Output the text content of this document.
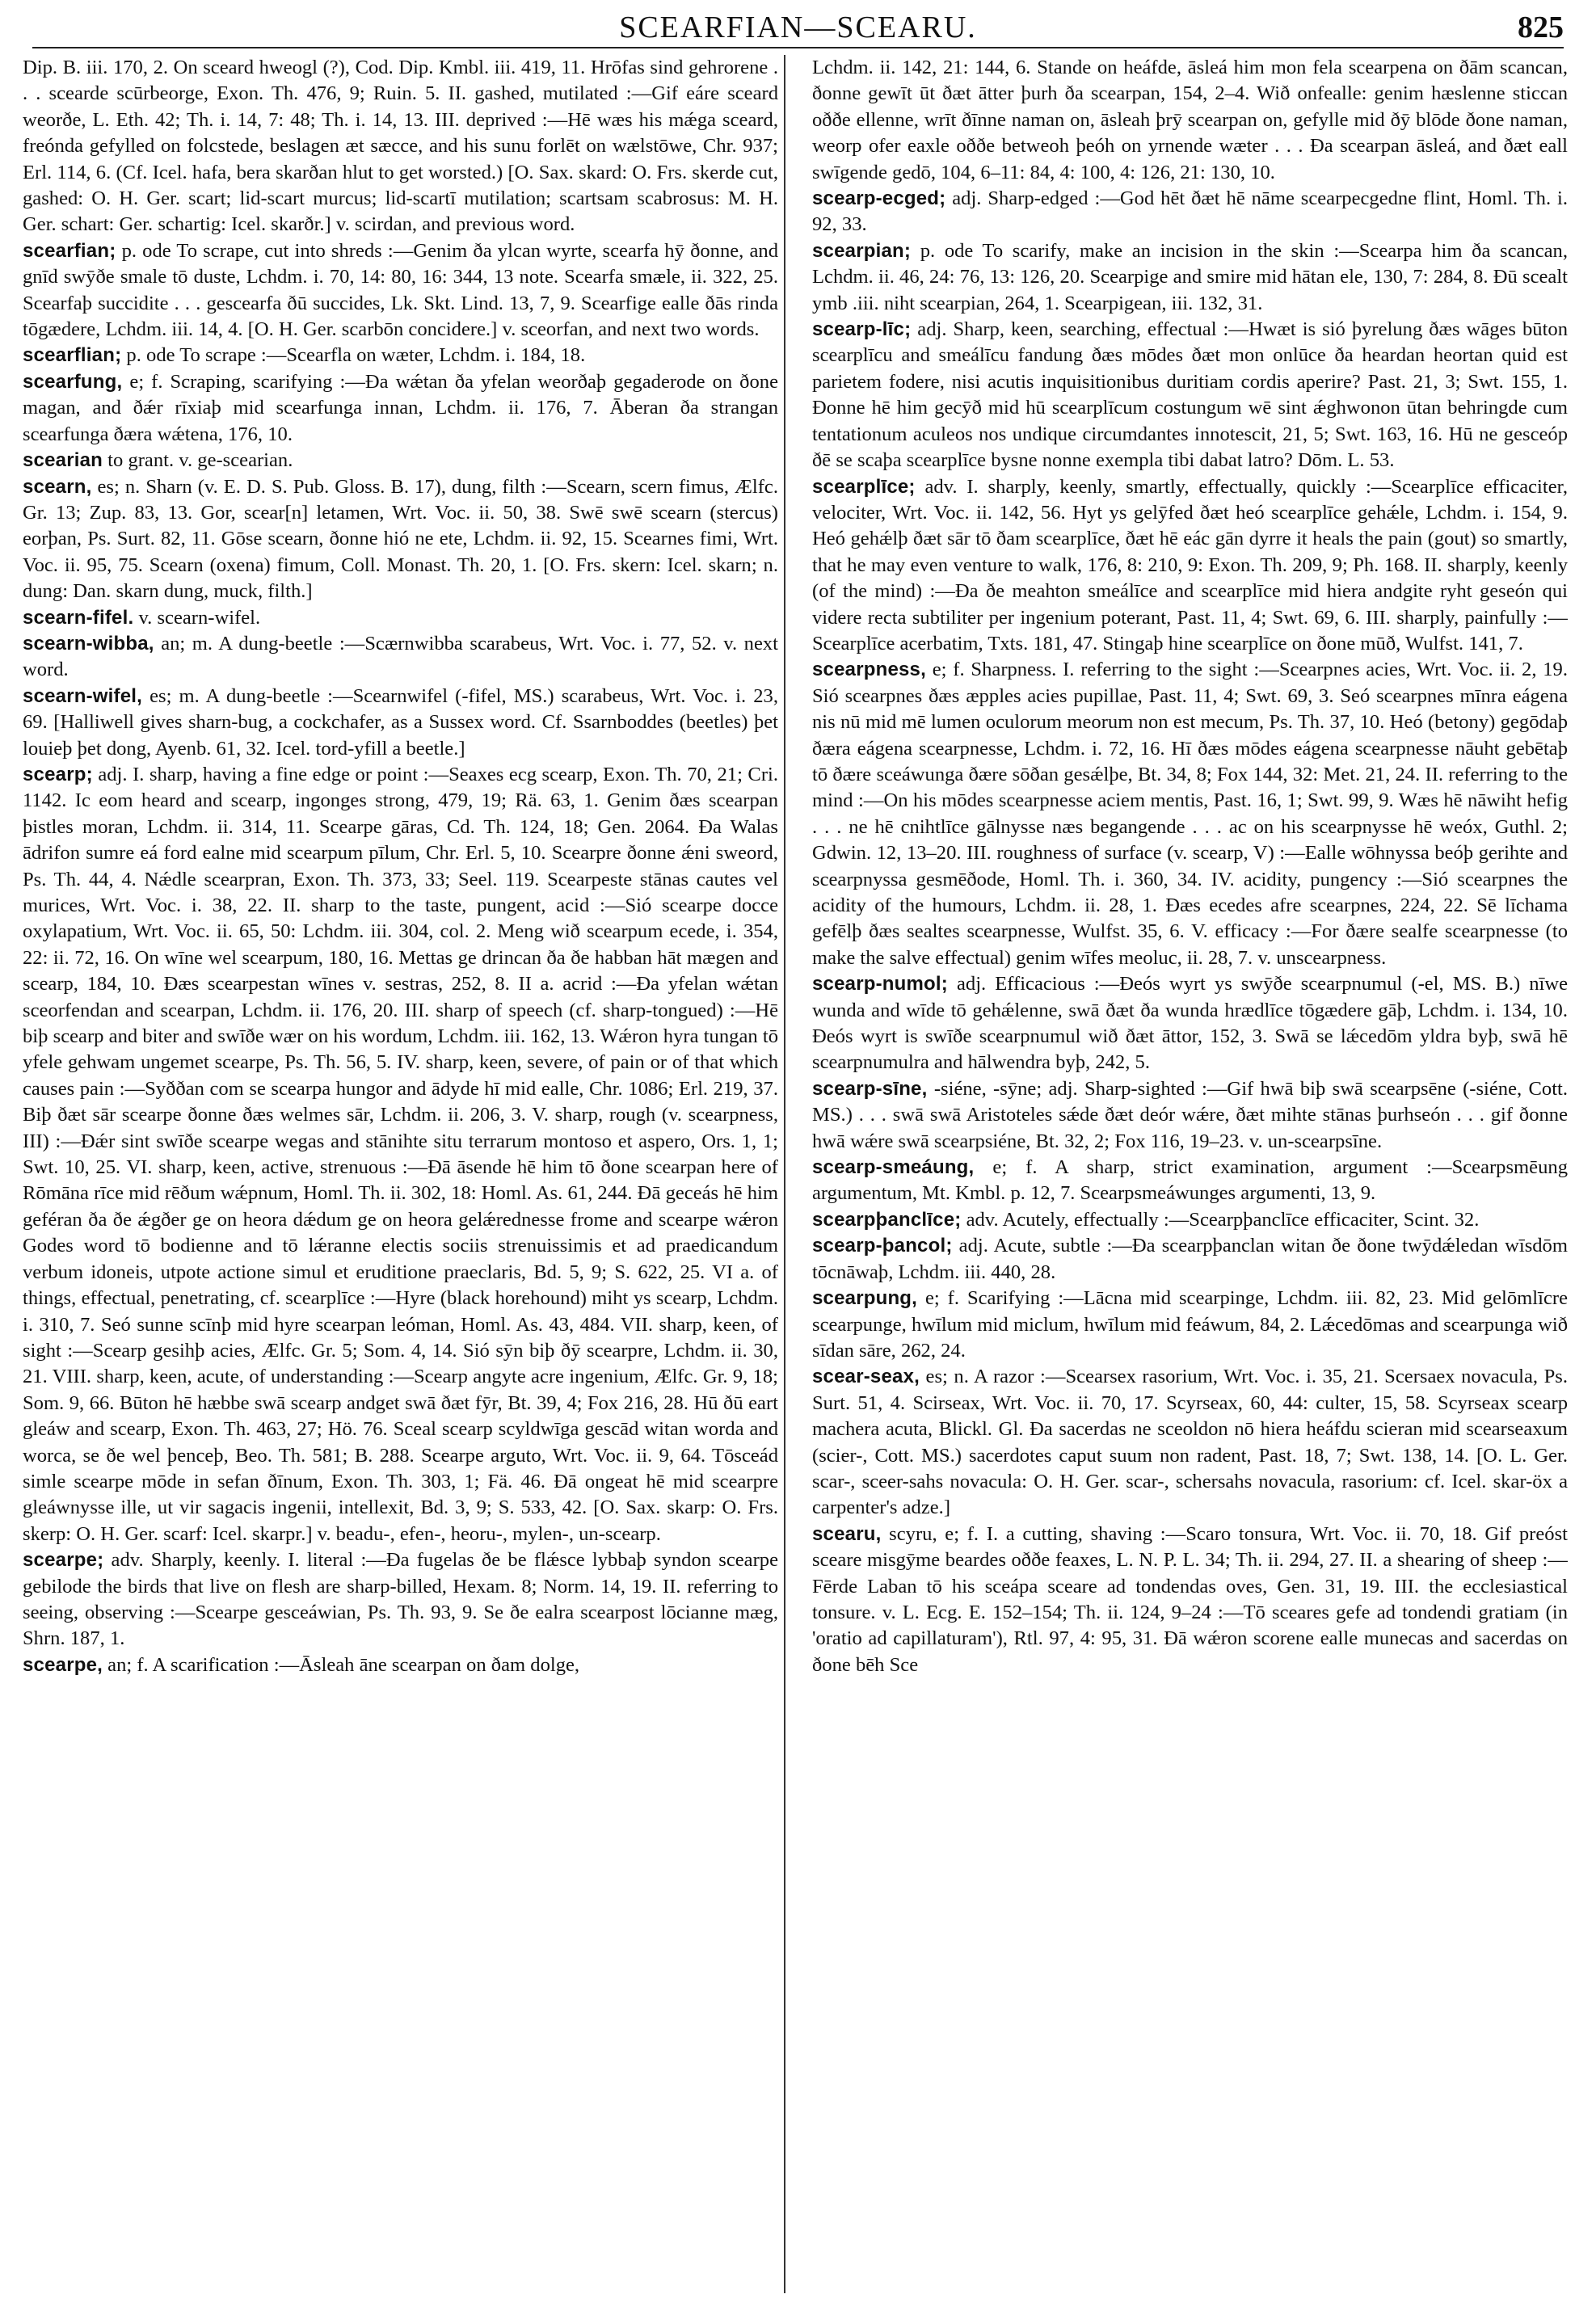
SCEARFIAN—SCEARU.	825

Dip. B. iii. 170, 2. On sceard hweogl (?), Cod. Dip. Kmbl. iii. 419, 11. Hrōfas sind gehrorene . . . scearde scūrbeorge, Exon. Th. 476, 9; Ruin. 5. II. gashed, mutilated :—Gif eáre sceard weorðe, L. Eth. 42; Th. i. 14, 7: 48; Th. i. 14, 13. III. deprived :—Hē wæs his mǽga sceard, freónda gefylled on folcstede, beslagen æt sæcce, and his sunu forlēt on wælstōwe, Chr. 937; Erl. 114, 6. (Cf. Icel. hafa, bera skarðan hlut to get worsted.) [O. Sax. skard: O. Frs. skerde cut, gashed: O. H. Ger. scart; lid-scart murcus; lid-scartī mutilation; scartsam scabrosus: M. H. Ger. schart: Ger. schartig: Icel. skarðr.] v. scirdan, and previous word.

scearfian; p. ode To scrape, cut into shreds :—Genim ða ylcan wyrte, scearfa hȳ ðonne, and gnīd swȳðe smale tō duste, Lchdm. i. 70, 14: 80, 16: 344, 13 note. Scearfa smæle, ii. 322, 25. Scearfaþ succidite . . . gescearfa ðū succides, Lk. Skt. Lind. 13, 7, 9. Scearfige ealle ðās rinda tōgædere, Lchdm. iii. 14, 4. [O. H. Ger. scarbōn concidere.] v. sceorfan, and next two words.

scearflian; p. ode To scrape :—Scearfla on wæter, Lchdm. i. 184, 18.

scearfung, e; f. Scraping, scarifying :—Ða wǽtan ða yfelan weorðaþ gegaderode on ðone magan, and ðǽr rīxiaþ mid scearfunga innan, Lchdm. ii. 176, 7. Āberan ða strangan scearfunga ðæra wǽtena, 176, 10.

scearian to grant. v. ge-scearian.

scearn, es; n. Sharn (v. E. D. S. Pub. Gloss. B. 17), dung, filth :—Scearn, scern fimus, Ælfc. Gr. 13; Zup. 83, 13. Gor, scear[n] letamen, Wrt. Voc. ii. 50, 38. Swē swē scearn (stercus) eorþan, Ps. Surt. 82, 11. Gōse scearn, ðonne hió ne ete, Lchdm. ii. 92, 15. Scearnes fimi, Wrt. Voc. ii. 95, 75. Scearn (oxena) fimum, Coll. Monast. Th. 20, 1. [O. Frs. skern: Icel. skarn; n. dung: Dan. skarn dung, muck, filth.]

scearn-fifel. v. scearn-wifel.

scearn-wibba, an; m. A dung-beetle :—Scærnwibba scarabeus, Wrt. Voc. i. 77, 52. v. next word.

scearn-wifel, es; m. A dung-beetle :—Scearnwifel (-fifel, MS.) scarabeus, Wrt. Voc. i. 23, 69. [Halliwell gives sharn-bug, a cockchafer, as a Sussex word. Cf. Ssarnboddes (beetles) þet louieþ þet dong, Ayenb. 61, 32. Icel. tord-yfill a beetle.]

scearp; adj. I. sharp, having a fine edge or point :—Seaxes ecg scearp, Exon. Th. 70, 21; Cri. 1142. Ic eom heard and scearp, ingonges strong, 479, 19; Rä. 63, 1. Genim ðæs scearpan þistles moran, Lchdm. ii. 314, 11. Scearpe gāras, Cd. Th. 124, 18; Gen. 2064. Ða Walas ādrifon sumre eá ford ealne mid scearpum pīlum, Chr. Erl. 5, 10. Scearpre ðonne ǽni sweord, Ps. Th. 44, 4. Nǽdle scearpran, Exon. Th. 373, 33; Seel. 119. Scearpeste stānas cautes vel murices, Wrt. Voc. i. 38, 22. II. sharp to the taste, pungent, acid :—Sió scearpe docce oxylapatium, Wrt. Voc. ii. 65, 50: Lchdm. iii. 304, col. 2. Meng wið scearpum ecede, i. 354, 22: ii. 72, 16. On wīne wel scearpum, 180, 16. Mettas ge drincan ða ðe habban hāt mægen and scearp, 184, 10. Ðæs scearpestan wīnes v. sestras, 252, 8. II a. acrid :—Ða yfelan wǽtan sceorfendan and scearpan, Lchdm. ii. 176, 20. III. sharp of speech (cf. sharp-tongued) :—Hē biþ scearp and biter and swīðe wær on his wordum, Lchdm. iii. 162, 13. Wǽron hyra tungan tō yfele gehwam ungemet scearpe, Ps. Th. 56, 5. IV. sharp, keen, severe, of pain or of that which causes pain :—Syððan com se scearpa hungor and ādyde hī mid ealle, Chr. 1086; Erl. 219, 37. Biþ ðæt sār scearpe ðonne ðæs welmes sār, Lchdm. ii. 206, 3. V. sharp, rough (v. scearpness, III) :—Ðǽr sint swīðe scearpe wegas and stānihte situ terrarum montoso et aspero, Ors. 1, 1; Swt. 10, 25. VI. sharp, keen, active, strenuous :—Ðā āsende hē him tō ðone scearpan here of Rōmāna rīce mid rēðum wǽpnum, Homl. Th. ii. 302, 18: Homl. As. 61, 244. Ðā geceás hē him geféran ða ðe ǽgðer ge on heora dǽdum ge on heora gelǽrednesse frome and scearpe wǽron Godes word tō bodienne and tō lǽranne electis sociis strenuissimis et ad praedicandum verbum idoneis, utpote actione simul et eruditione praeclaris, Bd. 5, 9; S. 622, 25. VI a. of things, effectual, penetrating, cf. scearplīce :—Hyre (black horehound) miht ys scearp, Lchdm. i. 310, 7. Seó sunne scīnþ mid hyre scearpan leóman, Homl. As. 43, 484. VII. sharp, keen, of sight :—Scearp gesihþ acies, Ælfc. Gr. 5; Som. 4, 14. Sió sȳn biþ ðȳ scearpre, Lchdm. ii. 30, 21. VIII. sharp, keen, acute, of understanding :—Scearp angyte acre ingenium, Ælfc. Gr. 9, 18; Som. 9, 66. Būton hē hæbbe swā scearp andget swā ðæt fȳr, Bt. 39, 4; Fox 216, 28. Hū ðū eart gleáw and scearp, Exon. Th. 463, 27; Hö. 76. Sceal scearp scyldwīga gescād witan worda and worca, se ðe wel þenceþ, Beo. Th. 581; B. 288. Scearpe arguto, Wrt. Voc. ii. 9, 64. Tōsceád simle scearpe mōde in sefan ðīnum, Exon. Th. 303, 1; Fä. 46. Ðā ongeat hē mid scearpre gleáwnysse ille, ut vir sagacis ingenii, intellexit, Bd. 3, 9; S. 533, 42. [O. Sax. skarp: O. Frs. skerp: O. H. Ger. scarf: Icel. skarpr.] v. beadu-, efen-, heoru-, mylen-, un-scearp.

scearpe; adv. Sharply, keenly. I. literal :—Ða fugelas ðe be flǽsce lybbaþ syndon scearpe gebilode the birds that live on flesh are sharp-billed, Hexam. 8; Norm. 14, 19. II. referring to seeing, observing :—Scearpe gesceáwian, Ps. Th. 93, 9. Se ðe ealra scearpost lōcianne mæg, Shrn. 187, 1.

scearpe, an; f. A scarification :—Āsleah āne scearpan on ðam dolge,

Lchdm. ii. 142, 21: 144, 6. Stande on heáfde, āsleá him mon fela scearpena on ðām scancan, ðonne gewīt ūt ðæt ātter þurh ða scearpan, 154, 2–4. Wið onfealle: genim hæslenne sticcan oððe ellenne, wrīt ðīnne naman on, āsleah þrȳ scearpan on, gefylle mid ðȳ blōde ðone naman, weorp ofer eaxle oððe betweoh þeóh on yrnende wæter . . . Ða scearpan āsleá, and ðæt eall swīgende gedō, 104, 6–11: 84, 4: 100, 4: 126, 21: 130, 10.

scearp-ecged; adj. Sharp-edged :—God hēt ðæt hē nāme scearpecgedne flint, Homl. Th. i. 92, 33.

scearpian; p. ode To scarify, make an incision in the skin :—Scearpa him ða scancan, Lchdm. ii. 46, 24: 76, 13: 126, 20. Scearpige and smire mid hātan ele, 130, 7: 284, 8. Ðū scealt ymb .iii. niht scearpian, 264, 1. Scearpigean, iii. 132, 31.

scearp-līc; adj. Sharp, keen, searching, effectual :—Hwæt is sió þyrelung ðæs wāges būton scearplīcu and smeálīcu fandung ðæs mōdes ðæt mon onlūce ða heardan heortan quid est parietem fodere, nisi acutis inquisitionibus duritiam cordis aperire? Past. 21, 3; Swt. 155, 1. Ðonne hē him gecȳð mid hū scearplīcum costungum wē sint ǽghwonon ūtan behringde cum tentationum aculeos nos undique circumdantes innotescit, 21, 5; Swt. 163, 16. Hū ne gesceóp ðē se scaþa scearplīce bysne nonne exempla tibi dabat latro? Dōm. L. 53.

scearplīce; adv. I. sharply, keenly, smartly, effectually, quickly :—Scearplīce efficaciter, velociter, Wrt. Voc. ii. 142, 56. Hyt ys gelȳfed ðæt heó scearplīce gehǽle, Lchdm. i. 154, 9. Heó gehǽlþ ðæt sār tō ðam scearplīce, ðæt hē eác gān dyrre it heals the pain (gout) so smartly, that he may even venture to walk, 176, 8: 210, 9: Exon. Th. 209, 9; Ph. 168. II. sharply, keenly (of the mind) :—Ða ðe meahton smeálīce and scearplīce mid hiera andgite ryht geseón qui videre recta subtiliter per ingenium poterant, Past. 11, 4; Swt. 69, 6. III. sharply, painfully :—Scearplīce acerbatim, Txts. 181, 47. Stingaþ hine scearplīce on ðone mūð, Wulfst. 141, 7.

scearpness, e; f. Sharpness. I. referring to the sight :—Scearpnes acies, Wrt. Voc. ii. 2, 19. Sió scearpnes ðæs æpples acies pupillae, Past. 11, 4; Swt. 69, 3. Seó scearpnes mīnra eágena nis nū mid mē lumen oculorum meorum non est mecum, Ps. Th. 37, 10. Heó (betony) gegōdaþ ðæra eágena scearpnesse, Lchdm. i. 72, 16. Hī ðæs mōdes eágena scearpnesse nāuht gebētaþ tō ðære sceáwunga ðære sōðan gesǽlþe, Bt. 34, 8; Fox 144, 32: Met. 21, 24. II. referring to the mind :—On his mōdes scearpnesse aciem mentis, Past. 16, 1; Swt. 99, 9. Wæs hē nāwiht hefig . . . ne hē cnihtlīce gālnysse næs begangende . . . ac on his scearpnysse hē weóx, Guthl. 2; Gdwin. 12, 13–20. III. roughness of surface (v. scearp, V) :—Ealle wōhnyssa beóþ gerihte and scearpnyssa gesmēðode, Homl. Th. i. 360, 34. IV. acidity, pungency :—Sió scearpnes the acidity of the humours, Lchdm. ii. 28, 1. Ðæs ecedes afre scearpnes, 224, 22. Sē līchama gefēlþ ðæs sealtes scearpnesse, Wulfst. 35, 6. V. efficacy :—For ðære sealfe scearpnesse (to make the salve effectual) genim wīfes meoluc, ii. 28, 7. v. unscearpness.

scearp-numol; adj. Efficacious :—Ðeós wyrt ys swȳðe scearpnumul (-el, MS. B.) nīwe wunda and wīde tō gehǽlenne, swā ðæt ða wunda hrædlīce tōgædere gāþ, Lchdm. i. 134, 10. Ðeós wyrt is swīðe scearpnumul wið ðæt āttor, 152, 3. Swā se lǽcedōm yldra byþ, swā hē scearpnumulra and hālwendra byþ, 242, 5.

scearp-sīne, -siéne, -sȳne; adj. Sharp-sighted :—Gif hwā biþ swā scearpsēne (-siéne, Cott. MS.) . . . swā swā Aristoteles sǽde ðæt deór wǽre, ðæt mihte stānas þurhseón . . . gif ðonne hwā wǽre swā scearpsiéne, Bt. 32, 2; Fox 116, 19–23. v. un-scearpsīne.

scearp-smeáung, e; f. A sharp, strict examination, argument :—Scearpsmēung argumentum, Mt. Kmbl. p. 12, 7. Scearpsmeáwunges argumenti, 13, 9.

scearpþanclīce; adv. Acutely, effectually :—Scearpþanclīce efficaciter, Scint. 32.

scearp-þancol; adj. Acute, subtle :—Ða scearpþanclan witan ðe ðone twȳdǽledan wīsdōm tōcnāwaþ, Lchdm. iii. 440, 28.

scearpung, e; f. Scarifying :—Lācna mid scearpinge, Lchdm. iii. 82, 23. Mid gelōmlīcre scearpunge, hwīlum mid miclum, hwīlum mid feáwum, 84, 2. Lǽcedōmas and scearpunga wið sīdan sāre, 262, 24.

scear-seax, es; n. A razor :—Scearsex rasorium, Wrt. Voc. i. 35, 21. Scersaex novacula, Ps. Surt. 51, 4. Scirseax, Wrt. Voc. ii. 70, 17. Scyrseax, 60, 44: culter, 15, 58. Scyrseax scearp machera acuta, Blickl. Gl. Ða sacerdas ne sceoldon nō hiera heáfdu scieran mid scearseaxum (scier-, Cott. MS.) sacerdotes caput suum non radent, Past. 18, 7; Swt. 138, 14. [O. L. Ger. scar-, sceer-sahs novacula: O. H. Ger. scar-, schersahs novacula, rasorium: cf. Icel. skar-öx a carpenter's adze.]

scearu, scyru, e; f. I. a cutting, shaving :—Scaro tonsura, Wrt. Voc. ii. 70, 18. Gif preóst sceare misgȳme beardes oððe feaxes, L. N. P. L. 34; Th. ii. 294, 27. II. a shearing of sheep :—Fērde Laban tō his sceápa sceare ad tondendas oves, Gen. 31, 19. III. the ecclesiastical tonsure. v. L. Ecg. E. 152–154; Th. ii. 124, 9–24 :—Tō sceares gefe ad tondendi gratiam (in 'oratio ad capillaturam'), Rtl. 97, 4: 95, 31. Ðā wǽron scorene ealle munecas and sacerdas on ðone bēh Sce
